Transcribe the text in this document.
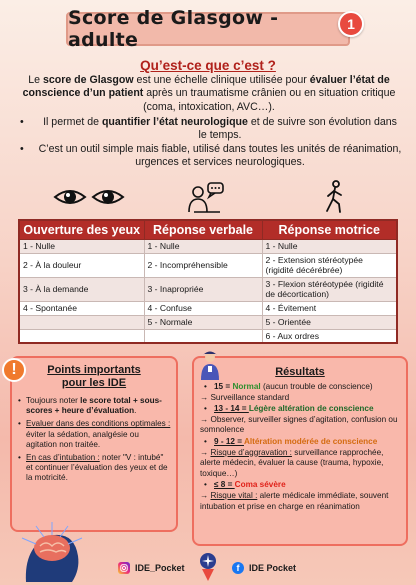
Score de Glasgow - adulte
1
Qu’est-ce que c’est ?

Le score de Glasgow est une échelle clinique utilisée pour évaluer l’état de conscience d’un patient après un traumatisme crânien ou en situation critique (coma, intoxication, AVC…).

• Il permet de quantifier l’état neurologique et de suivre son évolution dans le temps.
• C’est un outil simple mais fiable, utilisé dans toutes les unités de réanimation, urgences et services neurologiques.
Ouverture des yeux	Réponse verbale	Réponse motrice
1 - Nulle	1 - Nulle	1 - Nulle
2 - À la douleur	2 - Incompréhensible	2 - Extension stéréotypée (rigidité décérébrée)
3 - À la demande	3 - Inapropriée	3 - Flexion stéréotypée (rigidité de décortication)
4 - Spontanée	4 - Confuse	4 - Évitement
	5 - Normale	5 - Orientée
		6 - Aux ordres
Points importants
pour les IDE
• Toujours noter le score total + sous-scores + heure d’évaluation.
• Evaluer dans des conditions optimales : éviter la sédation, analgésie ou agitation non traitée.
• En cas d’intubation : noter "V : intubé" et continuer l’évaluation des yeux et de la motricité.
!	Résultats
• 15 = Normal (aucun trouble de conscience)
→ Surveillance standard
• 13 - 14 = Légère altération de conscience
→ Observer, surveiller signes d’agitation, confusion ou somnolence
• 9 - 12 = Altération modérée de conscience
→ Risque d’aggravation : surveillance rapprochée, alerte médecin, évaluer la cause (trauma, hypoxie, toxique…)
• ≤ 8 = Coma sévère
→ Risque vital : alerte médicale immédiate, souvent intubation et prise en charge en réanimation
IDE_Pocket	f	IDE Pocket
